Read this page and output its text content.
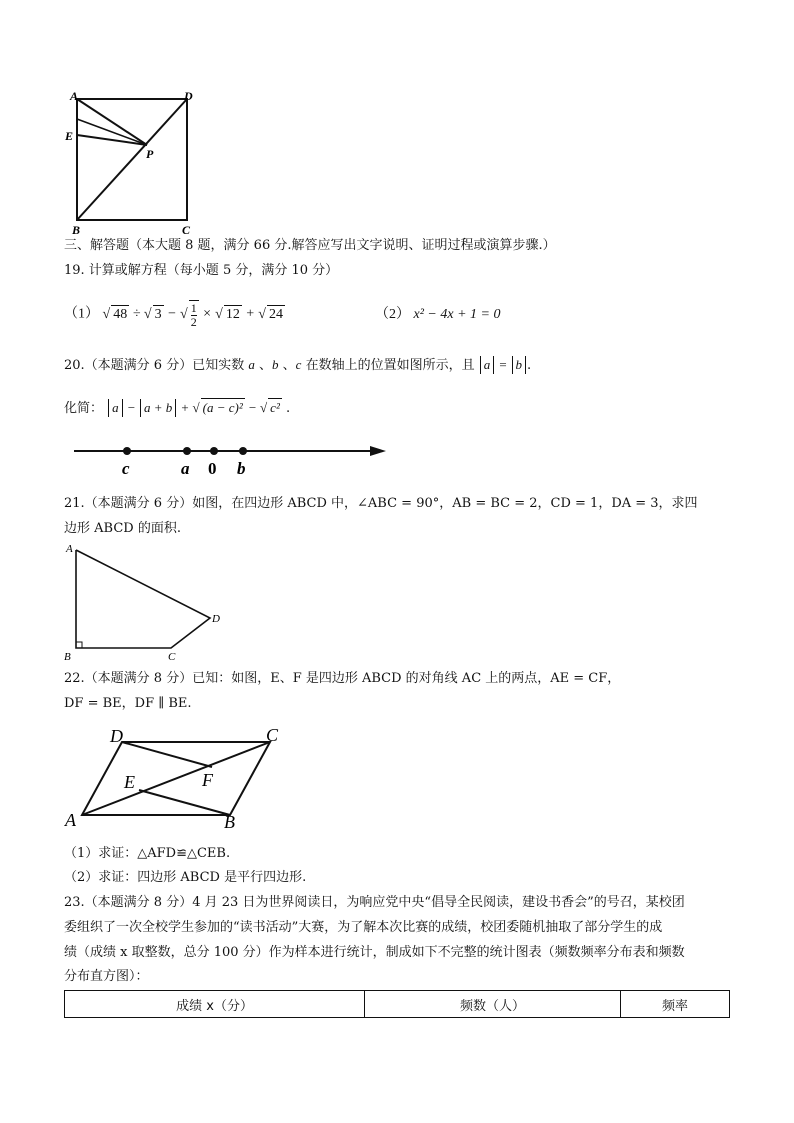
A	D
E
P
B	C
三、解答题（本大题 8 题，满分 66 分.解答应写出文字说明、证明过程或演算步骤.）
19. 计算或解方程（每小题 5 分，满分 10 分）
（1） √ 48 ÷ √ 3 − √ $\frac{1}{2}$ × √ 12 + √ 24	（2） x² − 4x + 1 = 0
20.（本题满分 6 分）已知实数 a 、b 、c 在数轴上的位置如图所示，且 a = b .
化简： a − a + b + √ (a − c)² − √ c² .
c	a 0 b
21.（本题满分 6 分）如图，在四边形 ABCD 中，∠ABC = 90°，AB = BC = 2，CD = 1，DA = 3，求四
边形 ABCD 的面积.
A
B	C
D
22.（本题满分 8 分）已知：如图，E、F 是四边形 ABCD 的对角线 AC 上的两点，AE = CF，
DF = BE，DF ∥ BE.
D	C
E	F
A	B
（1）求证：△AFD≌△CEB.
（2）求证：四边形 ABCD 是平行四边形.
23.（本题满分 8 分）4 月 23 日为世界阅读日，为响应党中央“倡导全民阅读，建设书香会”的号召，某校团
委组织了一次全校学生参加的“读书活动”大赛，为了解本次比赛的成绩，校团委随机抽取了部分学生的成
绩（成绩 x 取整数，总分 100 分）作为样本进行统计，制成如下不完整的统计图表（频数频率分布表和频数
分布直方图）：
成绩 x（分）	频数（人）	频率
